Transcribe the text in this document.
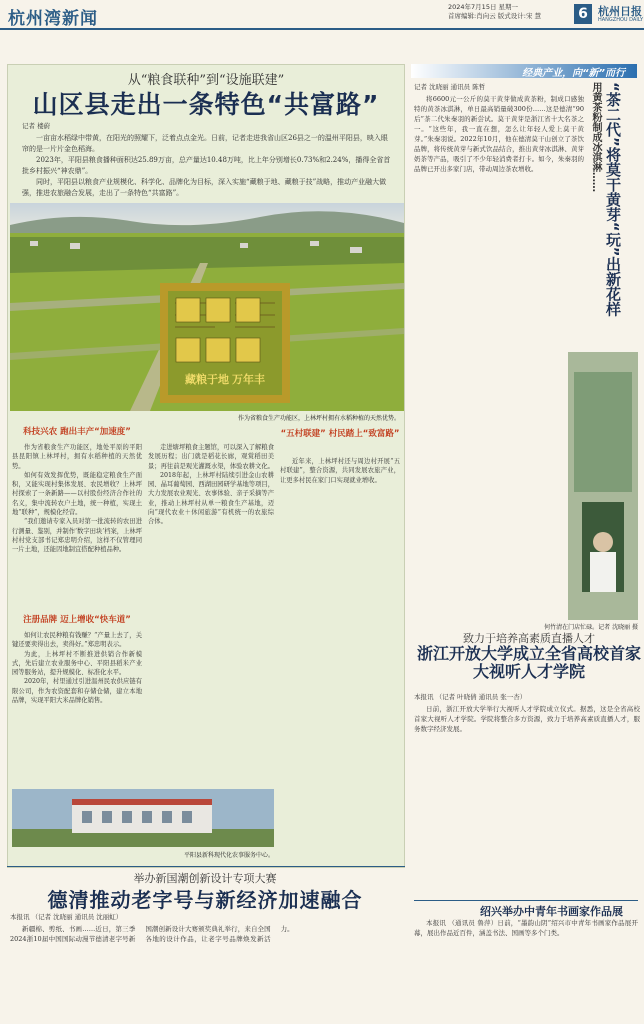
杭州湾新闻
2024年7月15日 星期一
首席编辑:肖向云 版式设计:宋 慧	6 杭州日报
HANGZHOU DAILY
从“粮食联种”到“设施联建”
山区县走出一条特色“共富路”
记者 楼蔚

一亩亩水稻绿中带黄，在阳光的照耀下，泛着点点金光。日前，记者走进我省山区26县之一的温州平阳县，映入眼帘的是一片片金色稻海。

2023年，平阳县粮食播种面积达25.89万亩，总产量达10.48万吨，比上年分别增长0.73%和2.24%，播得全省首批乡村振兴“神农鼎”。

同时，平阳县以粮食产业规模化、科学化、品牌化为目标，深入实施“藏粮于地、藏粮于技”战略，推动产业融大做强，推进农旅融合发展，走出了一条特色“共富路”。

藏粮于地 万年丰
作为省粮食生产功能区，上林坪村拥有水稻种植的天然优势。
科技兴农 跑出丰产“加速度”

作为省粮食生产功能区，地处平原的平阳县昆阳镇上林坪村，拥有水稻种植的天然优势。

如何有效发挥优势，既能稳定粮食生产面积，又能实现村集体发展、农民增收？上林坪村探索了一条新路——以村股份经济合作社的名义，集中流转农户土地，统一种植，实现土地“联种”，规模化经营。

“我们邀请专家入员对第一批流转的农田进行测量、鉴别，并制作‘数字田块’档案，上林坪村村党支部书记郑忠明介绍，这样不仅管理同一片土地，还能因地制宜搭配种植品种。

“五村联建” 村民踏上“致富路”

走进塘坪粮食主题馆，可以深入了解粮食发展历程；出门就是稻花长廊，观赏稻田美景；再往前是观光灌溉水渠，体验农耕文化。

2018年起，上林坪村陆续引进金山农耕园、晶耳葡萄园、西湖田园研学基地等项目，大力发展农业观光、农事体验、亲子采摘等产业，推动上林坪村从单一粮食生产基地，迈向“现代农业＋休闲旅游”有机统一的农旅综合体。

近年来，上林坪村还与周边村开展“五村联建”，整合资源，共同发展农旅产业，让更多村民在家门口实现就业增收。

注册品牌 迈上增收“快车道”

如何让农民种粮有钱赚？“产量上去了，关键还要卖得出去，卖得好。”郑忠明表示。

为此，上林坪村不断推进供销合作新模式，先后建立农业服务中心、平阳县稻米产业园等服务站，提升规模化、标准化水平。

2020年，村里通过引进温州民农供应链有限公司，作为农资配套和存储仓储，建立本地品牌，实现平阳大米品牌化销售。

平阳县新科现代化农事服务中心。
经典产业，向“新”而行
“茶二代”将莫干黄芽“玩”出新花样
用黄茶粉制成冰淇淋……
记者 沈晓丽 通讯员 陈哲

将6600元一公斤的莫干黄芽做成黄茶粉，制成口感独特的黄茶冰淇淋，单日最高销量破300份……这是德清“90后”茶二代朱秦羽的新尝试。莫干黄芽是浙江省十大名茶之一。“这些年，我一直在想，怎么让年轻人爱上莫干黄芽。”朱秦羽说。2022年10月，他在德清莫干山创立了茶饮品牌，将传统黄芽与新式饮品结合，推出黄芽冰淇淋、黄芽奶茶等产品，吸引了不少年轻消费者打卡。如今，朱秦羽的品牌已开出多家门店，带动周边茶农增收。

何竹清在门店忙碌。记者 沈晓丽 摄
致力于培养高素质直播人才
浙江开放大学成立全省高校首家大视听人才学院
本报讯 （记者 叶晓倩 通讯员 张一杏）

日前，浙江开放大学举行大视听人才学院成立仪式。据悉，这是全省高校首家大视听人才学院。学院将整合多方资源，致力于培养高素质直播人才，服务数字经济发展。

举办新国潮创新设计专项大赛
德清推动老字号与新经济加速融合
本报讯 （记者 沈晓丽 通讯员 沈丽虹）

新疆棉、剪纸、书画……近日，第三季2024浙10届中国国际动漫节德清老字号新国潮创新设计大赛颁奖典礼举行，来自全国各地的设计作品，让老字号品牌焕发新活力。

绍兴举办中青年书画家作品展

本报讯 （通讯员 鲁萍）日前，“墨韵山阴”绍兴市中青年书画家作品展开幕，展出作品近百件，涵盖书法、国画等多个门类。
